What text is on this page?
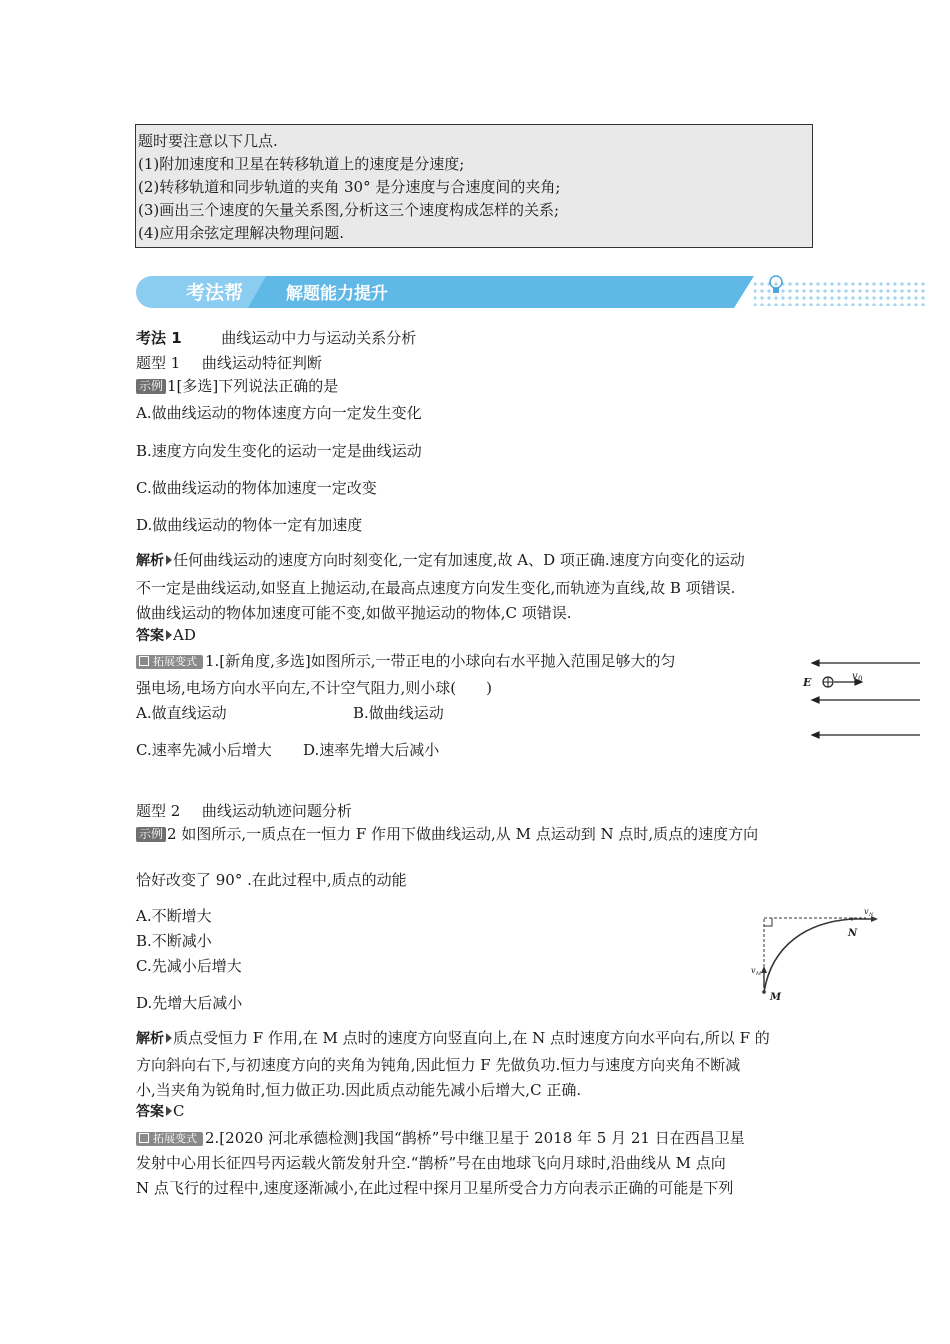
题时要注意以下几点.
(1)附加速度和卫星在转移轨道上的速度是分速度;
(2)转移轨道和同步轨道的夹角 30° 是分速度与合速度间的夹角;
(3)画出三个速度的矢量关系图,分析这三个速度构成怎样的关系;
(4)应用余弦定理解决物理问题.
考法帮	解题能力提升
考法 1	曲线运动中力与运动关系分析
题型 1 曲线运动特征判断
示例 1[多选]下列说法正确的是
A.做曲线运动的物体速度方向一定发生变化
B.速度方向发生变化的运动一定是曲线运动
C.做曲线运动的物体加速度一定改变
D.做曲线运动的物体一定有加速度
解析 任何曲线运动的速度方向时刻变化,一定有加速度,故 A、D 项正确.速度方向变化的运动
不一定是曲线运动,如竖直上抛运动,在最高点速度方向发生变化,而轨迹为直线,故 B 项错误.
做曲线运动的物体加速度可能不变,如做平抛运动的物体,C 项错误.
答案 AD
拓展变式 1.[新角度,多选]如图所示,一带正电的小球向右水平抛入范围足够大的匀
强电场,电场方向水平向左,不计空气阻力,则小球(　　)
A.做直线运动	B.做曲线运动
C.速率先减小后增大 D.速率先增大后减小
E	v 0
题型 2 曲线运动轨迹问题分析
示例 2 如图所示,一质点在一恒力 F 作用下做曲线运动,从 M 点运动到 N 点时,质点的速度方向
恰好改变了 90° .在此过程中,质点的动能
A.不断增大
B.不断减小
C.先减小后增大
D.先增大后减小	M
N
v M
v N
解析 质点受恒力 F 作用,在 M 点时的速度方向竖直向上,在 N 点时速度方向水平向右,所以 F 的
方向斜向右下,与初速度方向的夹角为钝角,因此恒力 F 先做负功.恒力与速度方向夹角不断减
小,当夹角为锐角时,恒力做正功.因此质点动能先减小后增大,C 正确.
答案 C
拓展变式 2.[2020 河北承德检测]我国“鹊桥”号中继卫星于 2018 年 5 月 21 日在西昌卫星
发射中心用长征四号丙运载火箭发射升空.“鹊桥”号在由地球飞向月球时,沿曲线从 M 点向
N 点飞行的过程中,速度逐渐减小,在此过程中探月卫星所受合力方向表示正确的可能是下列
